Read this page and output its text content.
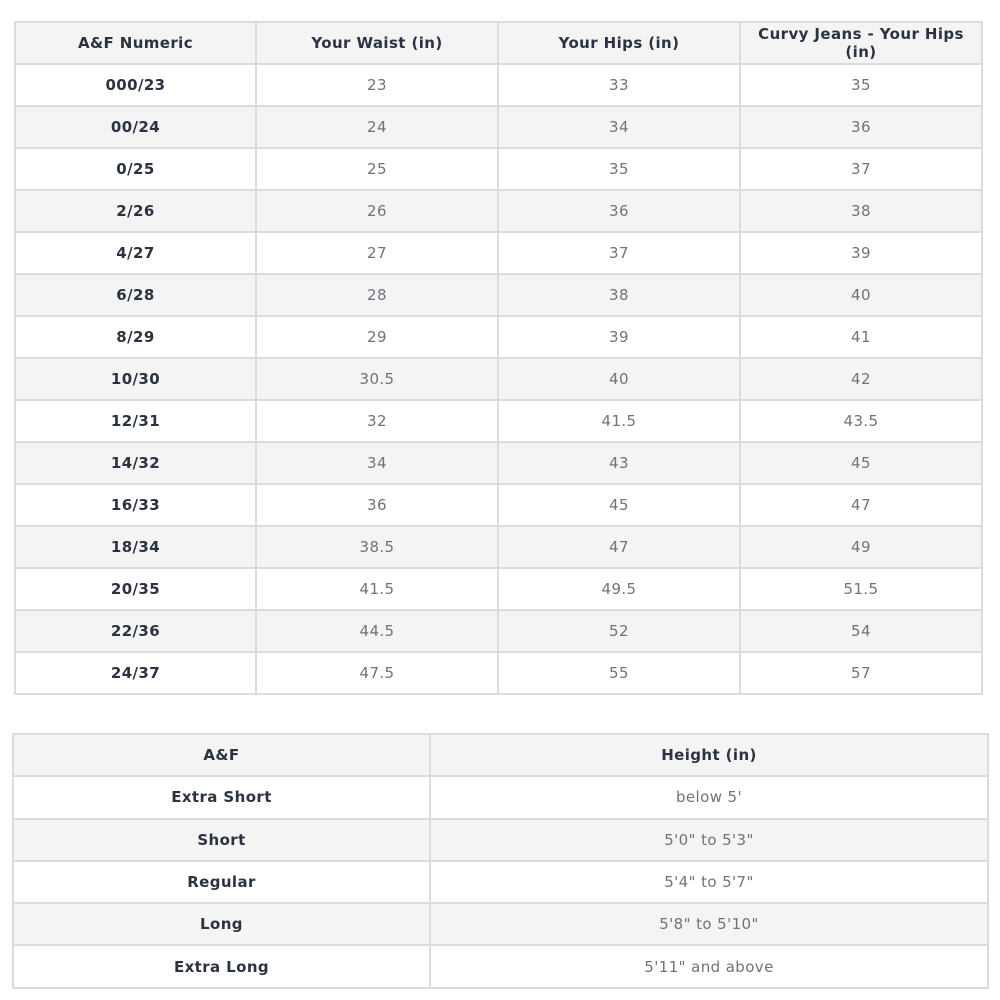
A&F Numeric	Your Waist (in)	Your Hips (in)	Curvy Jeans - Your Hips (in)
000/23	23	33	35
00/24	24	34	36
0/25	25	35	37
2/26	26	36	38
4/27	27	37	39
6/28	28	38	40
8/29	29	39	41
10/30	30.5	40	42
12/31	32	41.5	43.5
14/32	34	43	45
16/33	36	45	47
18/34	38.5	47	49
20/35	41.5	49.5	51.5
22/36	44.5	52	54
24/37	47.5	55	57
A&F	Height (in)
Extra Short	below 5'
Short	5'0" to 5'3"
Regular	5'4" to 5'7"
Long	5'8" to 5'10"
Extra Long	5'11" and above
